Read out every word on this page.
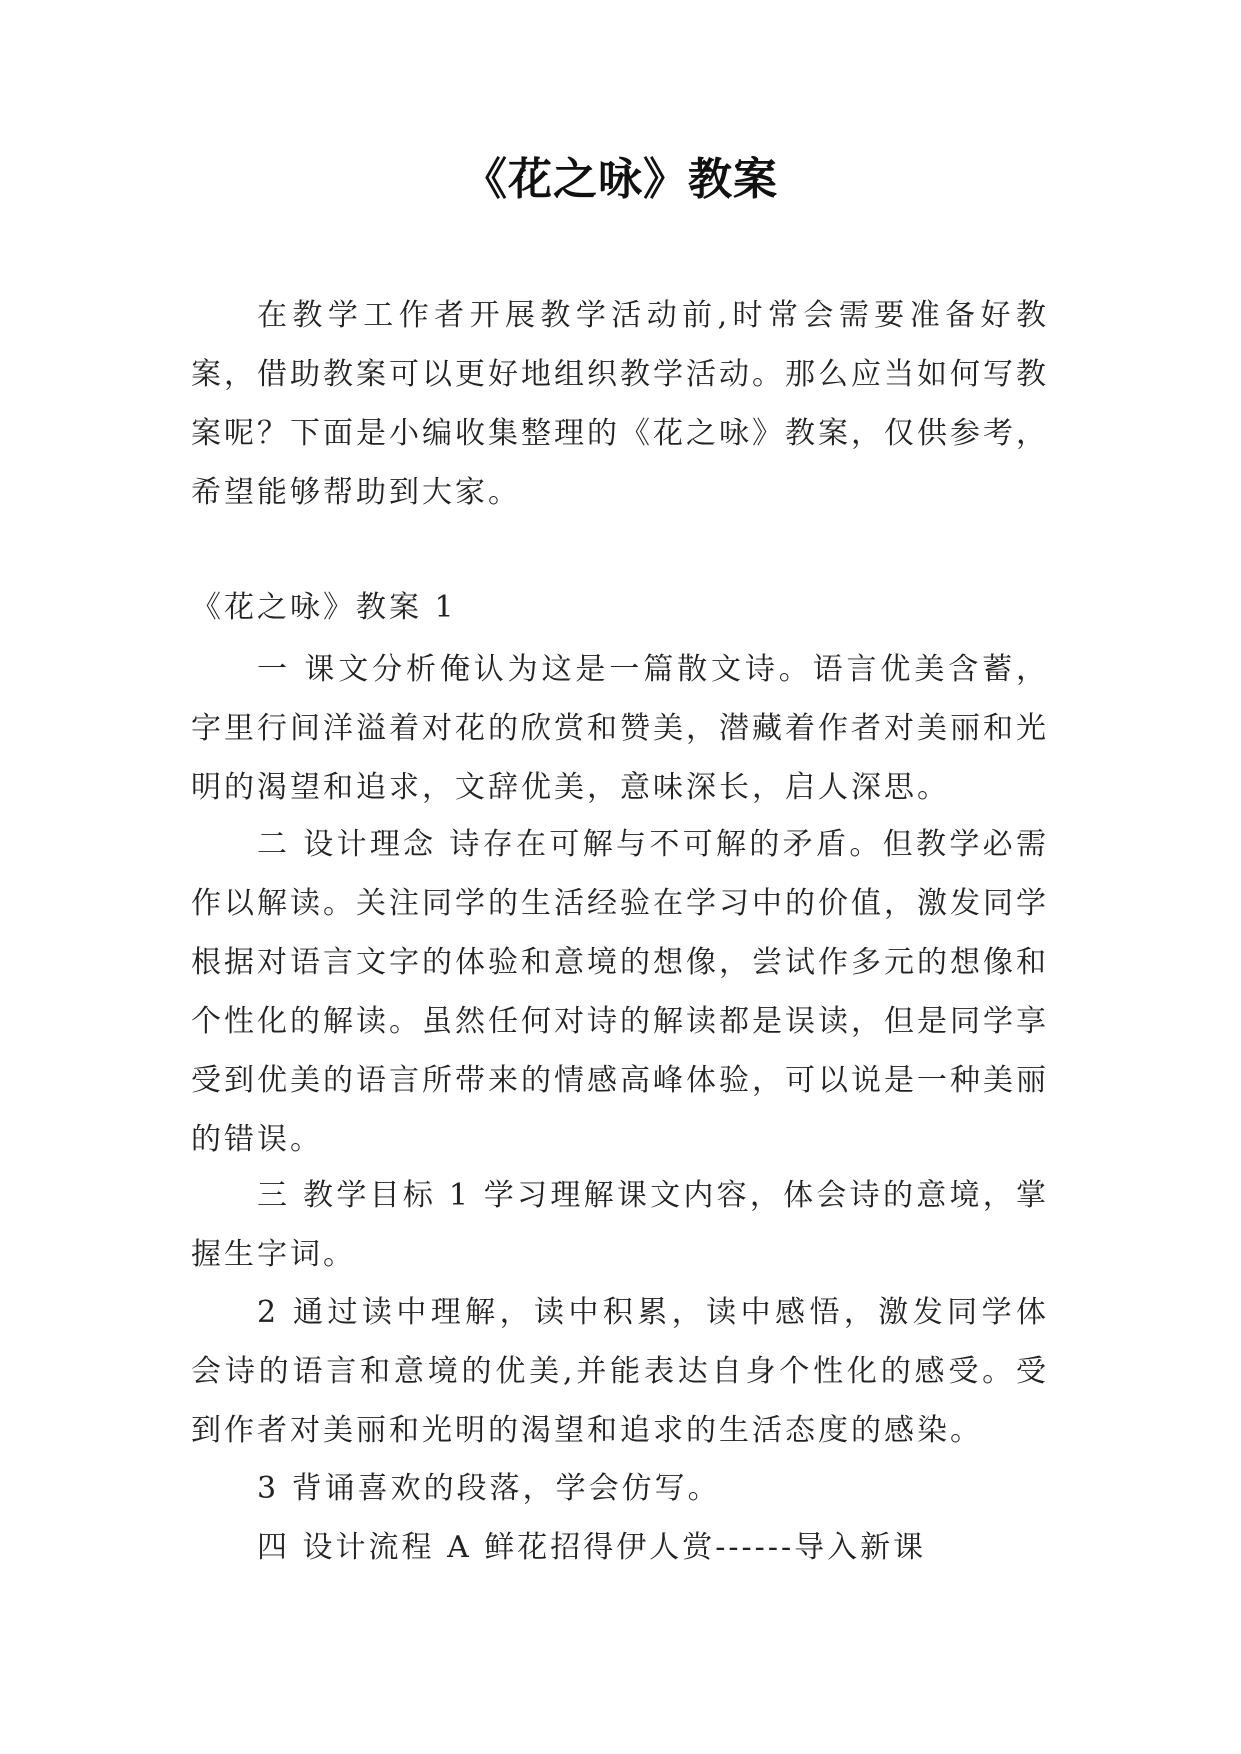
《花之咏》教案

在教学工作者开展教学活动前,时常会需要准备好教案，借助教案可以更好地组织教学活动。那么应当如何写教案呢？下面是小编收集整理的《花之咏》教案，仅供参考，希望能够帮助到大家。

《花之咏》教案 1

一 课文分析俺认为这是一篇散文诗。语言优美含蓄，字里行间洋溢着对花的欣赏和赞美，潜藏着作者对美丽和光明的渴望和追求，文辞优美，意味深长，启人深思。

二 设计理念 诗存在可解与不可解的矛盾。但教学必需作以解读。关注同学的生活经验在学习中的价值，激发同学根据对语言文字的体验和意境的想像，尝试作多元的想像和个性化的解读。虽然任何对诗的解读都是误读，但是同学享受到优美的语言所带来的情感高峰体验，可以说是一种美丽的错误。

三 教学目标 1 学习理解课文内容，体会诗的意境，掌握生字词。

2 通过读中理解，读中积累，读中感悟，激发同学体会诗的语言和意境的优美,并能表达自身个性化的感受。受到作者对美丽和光明的渴望和追求的生活态度的感染。

3 背诵喜欢的段落，学会仿写。

四 设计流程 A 鲜花招得伊人赏------导入新课
